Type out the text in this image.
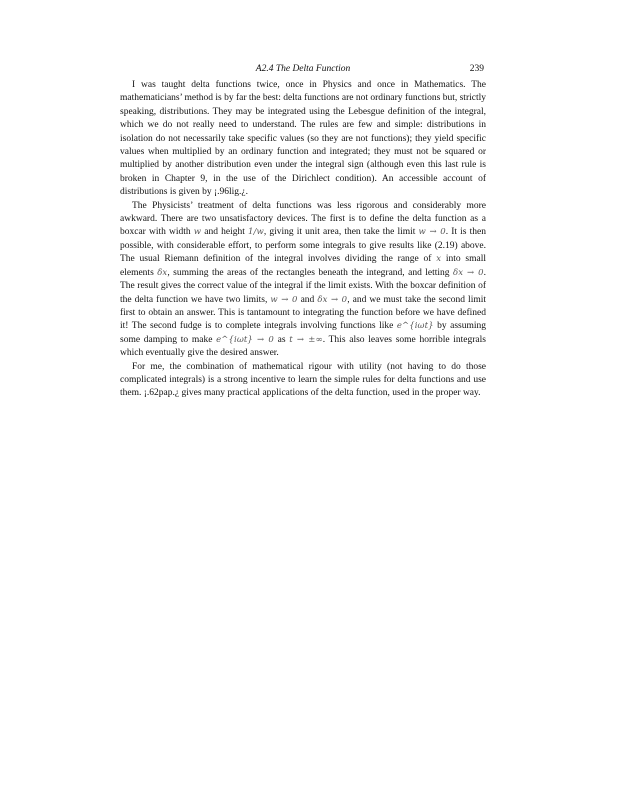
A2.4 The Delta Function	239

I was taught delta functions twice, once in Physics and once in Mathematics. The mathematicians’ method is by far the best: delta functions are not ordinary functions but, strictly speaking, distributions. They may be integrated using the Lebesgue definition of the integral, which we do not really need to understand. The rules are few and simple: distributions in isolation do not necessarily take specific values (so they are not functions); they yield specific values when multiplied by an ordinary function and integrated; they must not be squared or multiplied by another distribution even under the integral sign (although even this last rule is broken in Chapter 9, in the use of the Dirichlect condition). An accessible account of distributions is given by ¡.96lig.¿.

The Physicists’ treatment of delta functions was less rigorous and considerably more awkward. There are two unsatisfactory devices. The first is to define the delta function as a boxcar with width w and height 1/w, giving it unit area, then take the limit w → 0. It is then possible, with considerable effort, to perform some integrals to give results like (2.19) above. The usual Riemann definition of the integral involves dividing the range of x into small elements δx, summing the areas of the rectangles beneath the integrand, and letting δx → 0. The result gives the correct value of the integral if the limit exists. With the boxcar definition of the delta function we have two limits, w → 0 and δx → 0, and we must take the second limit first to obtain an answer. This is tantamount to integrating the function before we have defined it! The second fudge is to complete integrals involving functions like e^{iωt} by assuming some damping to make e^{iωt} → 0 as t → ±∞. This also leaves some horrible integrals which eventually give the desired answer.

For me, the combination of mathematical rigour with utility (not having to do those complicated integrals) is a strong incentive to learn the simple rules for delta functions and use them. ¡.62pap.¿ gives many practical applications of the delta function, used in the proper way.
